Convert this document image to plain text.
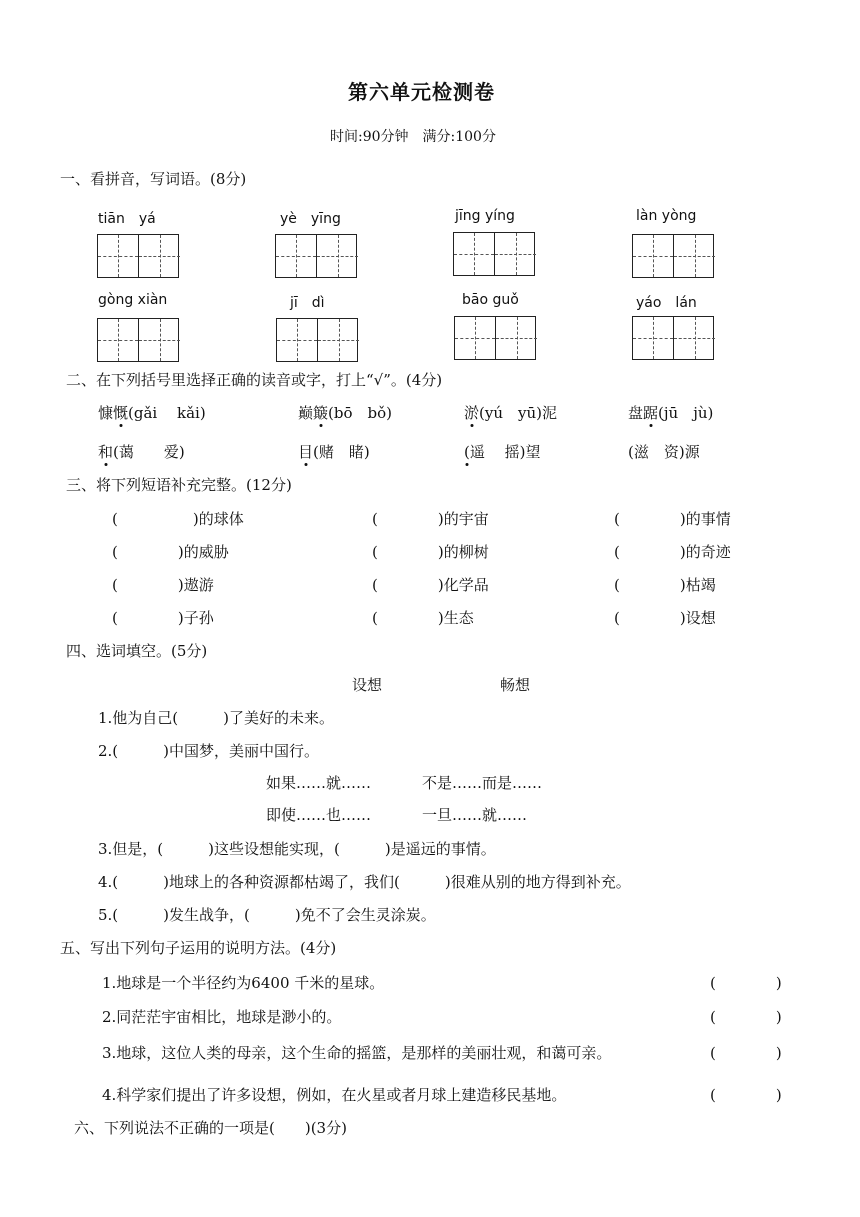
第六单元检测卷
时间:90分钟　满分:100分
一、看拼音，写词语。(8分)
tiān　yá	yè　yīng	jīng yíng	làn yòng
gòng xiàn	jī　dì	bāo guǒ	yáo　lán
二、在下列括号里选择正确的读音或字，打上“√”。(4分)
慷慨(gǎi　 kǎi)	巅簸(bō　bǒ)	淤(yú　yū)泥	盘踞(jū　jù)
和(蔼　　爱)	目(赌　睹)	(遥　 摇)望	(滋　资)源
三、将下列短语补充完整。(12分)
(　　　　　)的球体	(　　　　)的宇宙	(　　　　)的事情
(　　　　)的威胁	(　　　　)的柳树	(　　　　)的奇迹
(　　　　)遨游	(　　　　)化学品	(　　　　)枯竭
(　　　　)子孙	(　　　　)生态	(　　　　)设想
四、选词填空。(5分)
设想	畅想
1.他为自己(　　　)了美好的未来。
2.(　　　)中国梦，美丽中国行。
如果……就……	不是……而是……
即使……也……	一旦……就……
3.但是，(　　　)这些设想能实现，(　　　)是遥远的事情。
4.(　　　)地球上的各种资源都枯竭了，我们(　　　)很难从别的地方得到补充。
5.(　　　)发生战争，(　　　)免不了会生灵涂炭。
五、写出下列句子运用的说明方法。(4分)
1.地球是一个半径约为6400 千米的星球。	(　　　　)
2.同茫茫宇宙相比，地球是渺小的。	(　　　　)
3.地球，这位人类的母亲，这个生命的摇篮，是那样的美丽壮观，和蔼可亲。	(　　　　)
4.科学家们提出了许多设想，例如，在火星或者月球上建造移民基地。	(　　　　)
六、下列说法不正确的一项是(　　)(3分)
